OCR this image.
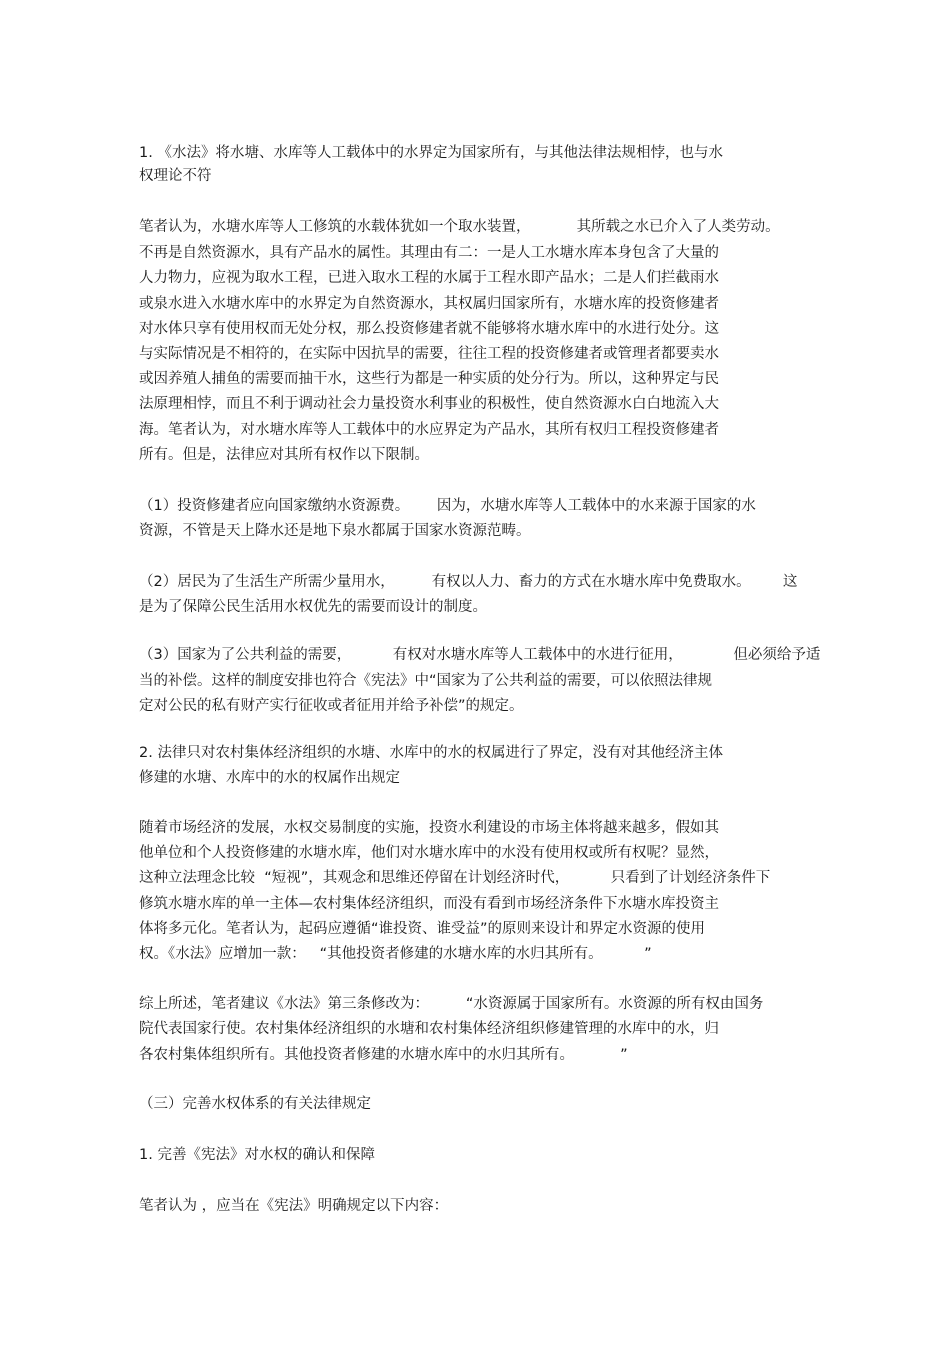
1. 《水法》将水塘、水库等人工载体中的水界定为国家所有，与其他法律法规相悖，也与水
权理论不符
笔者认为，水塘水库等人工修筑的水载体犹如一个取水装置，          其所载之水已介入了人类劳动。
不再是自然资源水，具有产品水的属性。其理由有二：一是人工水塘水库本身包含了大量的
人力物力，应视为取水工程，已进入取水工程的水属于工程水即产品水；二是人们拦截雨水
或泉水进入水塘水库中的水界定为自然资源水，其权属归国家所有，水塘水库的投资修建者
对水体只享有使用权而无处分权，那么投资修建者就不能够将水塘水库中的水进行处分。这
与实际情况是不相符的，在实际中因抗旱的需要，往往工程的投资修建者或管理者都要卖水
或因养殖人捕鱼的需要而抽干水，这些行为都是一种实质的处分行为。所以，这种界定与民
法原理相悖，而且不利于调动社会力量投资水利事业的积极性，使自然资源水白白地流入大
海。笔者认为，对水塘水库等人工载体中的水应界定为产品水，其所有权归工程投资修建者
所有。但是，法律应对其所有权作以下限制。
（1）投资修建者应向国家缴纳水资源费。      因为，水塘水库等人工载体中的水来源于国家的水
资源，不管是天上降水还是地下泉水都属于国家水资源范畴。
（2）居民为了生活生产所需少量用水，        有权以人力、畜力的方式在水塘水库中免费取水。       这
是为了保障公民生活用水权优先的需要而设计的制度。
（3）国家为了公共利益的需要，         有权对水塘水库等人工载体中的水进行征用，           但必须给予适
当的补偿。这样的制度安排也符合《宪法》中“国家为了公共利益的需要，可以依照法律规
定对公民的私有财产实行征收或者征用并给予补偿”的规定。
2. 法律只对农村集体经济组织的水塘、水库中的水的权属进行了界定，没有对其他经济主体
修建的水塘、水库中的水的权属作出规定
随着市场经济的发展，水权交易制度的实施，投资水利建设的市场主体将越来越多，假如其
他单位和个人投资修建的水塘水库，他们对水塘水库中的水没有使用权或所有权呢？显然，
这种立法理念比较  “短视”，其观念和思维还停留在计划经济时代，         只看到了计划经济条件下
修筑水塘水库的单一主体—农村集体经济组织，而没有看到市场经济条件下水塘水库投资主
体将多元化。笔者认为，起码应遵循“谁投资、谁受益”的原则来设计和界定水资源的使用
权。《水法》应增加一款：   “其他投资者修建的水塘水库的水归其所有。         ”
综上所述，笔者建议《水法》第三条修改为：        “水资源属于国家所有。水资源的所有权由国务
院代表国家行使。农村集体经济组织的水塘和农村集体经济组织修建管理的水库中的水，归
各农村集体组织所有。其他投资者修建的水塘水库中的水归其所有。          ”
（三）完善水权体系的有关法律规定
1. 完善《宪法》对水权的确认和保障
笔者认为 ，应当在《宪法》明确规定以下内容：
